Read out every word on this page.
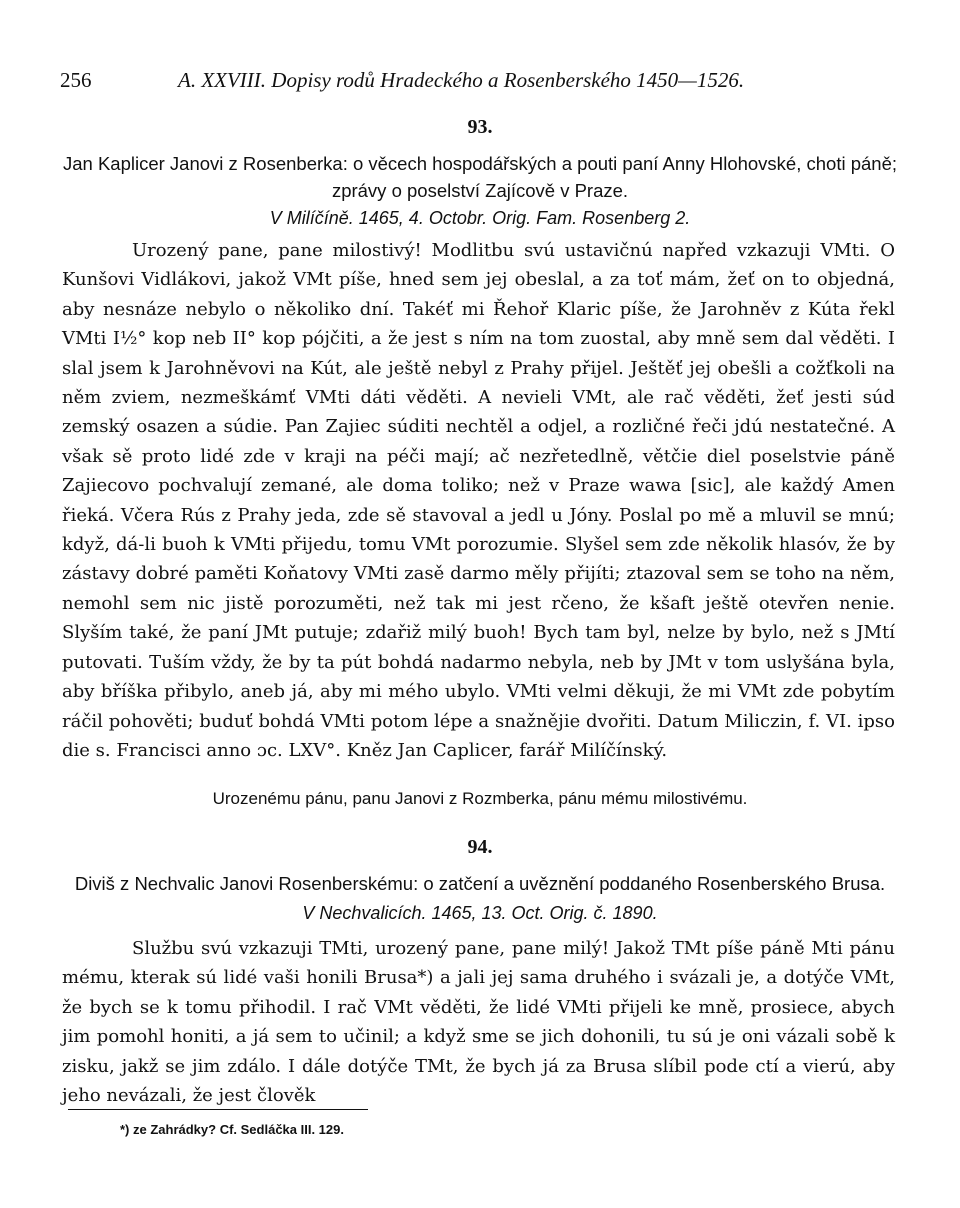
256	A. XXVIII. Dopisy rodů Hradeckého a Rosenberského 1450—1526.
93.
Jan Kaplicer Janovi z Rosenberka: o věcech hospodářských a pouti paní Anny Hlohovské, choti páně; zprávy o poselství Zajícově v Praze.
V Milíčíně. 1465, 4. Octobr. Orig. Fam. Rosenberg 2.
Urozený pane, pane milostivý! Modlitbu svú ustavičnú napřed vzkazuji VMti. O Kunšovi Vidlákovi, jakož VMt píše, hned sem jej obeslal, a za toť mám, žeť on to objedná, aby nesnáze nebylo o několiko dní. Takéť mi Řehoř Klaric píše, že Jarohněv z Kúta řekl VMti I½° kop neb II° kop pójčiti, a že jest s ním na tom zuostal, aby mně sem dal věděti. I slal jsem k Jarohněvovi na Kút, ale ještě nebyl z Prahy přijel. Ještěť jej obešli a cožťkoli na něm zviem, nezmeškámť VMti dáti věděti. A nevieli VMt, ale rač věděti, žeť jesti súd zemský osazen a súdie. Pan Zajiec súditi nechtěl a odjel, a rozličné řeči jdú nestatečné. A však sě proto lidé zde v kraji na péči mají; ač nezřetedlně, větčie diel poselstvie páně Zajiecovo pochvalují zemané, ale doma toliko; než v Praze wawa [sic], ale každý Amen řieká. Včera Rús z Prahy jeda, zde sě stavoval a jedl u Jóny. Poslal po mě a mluvil se mnú; když, dá-li buoh k VMti přijedu, tomu VMt porozumie. Slyšel sem zde několik hlasóv, že by zástavy dobré paměti Koňatovy VMti zasě darmo měly přijíti; ztazoval sem se toho na něm, nemohl sem nic jistě porozuměti, než tak mi jest rčeno, že kšaft ještě otevřen nenie. Slyším také, že paní JMt putuje; zdařiž milý buoh! Bych tam byl, nelze by bylo, než s JMtí putovati. Tuším vždy, že by ta pút bohdá nadarmo nebyla, neb by JMt v tom uslyšána byla, aby bříška přibylo, aneb já, aby mi mého ubylo. VMti velmi děkuji, že mi VMt zde pobytím ráčil pohověti; buduť bohdá VMti potom lépe a snažnějie dvořiti. Datum Miliczin, f. VI. ipso die s. Francisci anno ɔc. LXV°. Kněz Jan Caplicer, farář Milíčínský.
Urozenému pánu, panu Janovi z Rozmberka, pánu mému milostivému.
94.
Diviš z Nechvalic Janovi Rosenberskému: o zatčení a uvěznění poddaného Rosenberského Brusa.
V Nechvalicích. 1465, 13. Oct. Orig. č. 1890.
Službu svú vzkazuji TMti, urozený pane, pane milý! Jakož TMt píše páně Mti pánu mému, kterak sú lidé vaši honili Brusa*) a jali jej sama druhého i svázali je, a dotýče VMt, že bych se k tomu přihodil. I rač VMt věděti, že lidé VMti přijeli ke mně, prosiece, abych jim pomohl honiti, a já sem to učinil; a když sme se jich dohonili, tu sú je oni vázali sobě k zisku, jakž se jim zdálo. I dále dotýče TMt, že bych já za Brusa slíbil pode ctí a vierú, aby jeho nevázali, že jest člověk
*) ze Zahrádky? Cf. Sedláčka III. 129.
